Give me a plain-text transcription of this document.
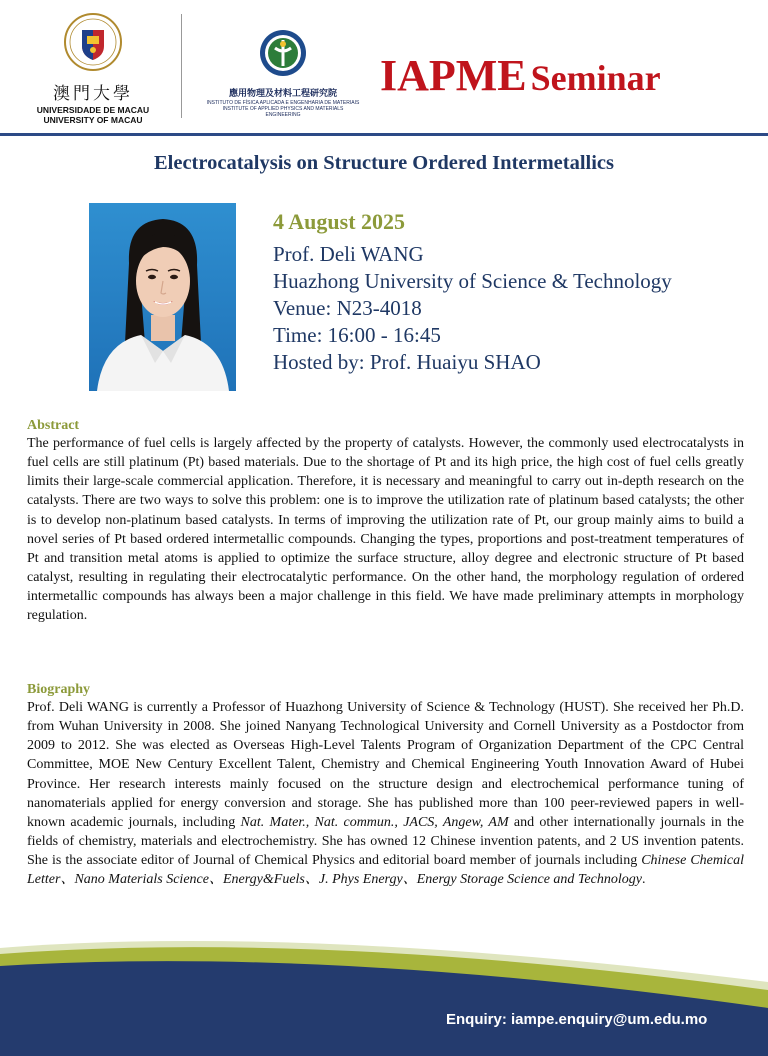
澳門大學
UNIVERSIDADE DE MACAU
UNIVERSITY OF MACAU
應用物理及材料工程研究院
INSTITUTO DE FÍSICA APLICADA E ENGENHARIA DE MATERIAIS
INSTITUTE OF APPLIED PHYSICS AND MATERIALS ENGINEERING
IAPME Seminar
Electrocatalysis on Structure Ordered Intermetallics
4 August 2025
Prof. Deli WANG
Huazhong University of Science & Technology
Venue: N23-4018
Time: 16:00 - 16:45
Hosted by: Prof. Huaiyu SHAO
Abstract
The performance of fuel cells is largely affected by the property of catalysts. However, the commonly used electrocatalysts in fuel cells are still platinum (Pt) based materials. Due to the shortage of Pt and its high price, the high cost of fuel cells greatly limits their large-scale commercial application. Therefore, it is necessary and meaningful to carry out in-depth research on the catalysts. There are two ways to solve this problem: one is to improve the utilization rate of platinum based catalysts; the other is to develop non-platinum based catalysts. In terms of improving the utilization rate of Pt, our group mainly aims to build a novel series of Pt based ordered intermetallic compounds. Changing the types, proportions and post-treatment temperatures of Pt and transition metal atoms is applied to optimize the surface structure, alloy degree and electronic structure of Pt based catalyst, resulting in regulating their electrocatalytic performance. On the other hand, the morphology regulation of ordered intermetallic compounds has always been a major challenge in this field. We have made preliminary attempts in morphology regulation.
Biography
Prof. Deli WANG is currently a Professor of Huazhong University of Science & Technology (HUST). She received her Ph.D. from Wuhan University in 2008. She joined Nanyang Technological University and Cornell University as a Postdoctor from 2009 to 2012. She was elected as Overseas High-Level Talents Program of Organization Department of the CPC Central Committee, MOE New Century Excellent Talent, Chemistry and Chemical Engineering Youth Innovation Award of Hubei Province. Her research interests mainly focused on the structure design and electrochemical performance tuning of nanomaterials applied for energy conversion and storage. She has published more than 100 peer-reviewed papers in well-known academic journals, including Nat. Mater., Nat. commun., JACS, Angew, AM and other internationally journals in the fields of chemistry, materials and electrochemistry. She has owned 12 Chinese invention patents, and 2 US invention patents. She is the associate editor of Journal of Chemical Physics and editorial board member of journals including Chinese Chemical Letter、Nano Materials Science、Energy&Fuels、J. Phys Energy、Energy Storage Science and Technology.
Enquiry: iampe.enquiry@um.edu.mo
